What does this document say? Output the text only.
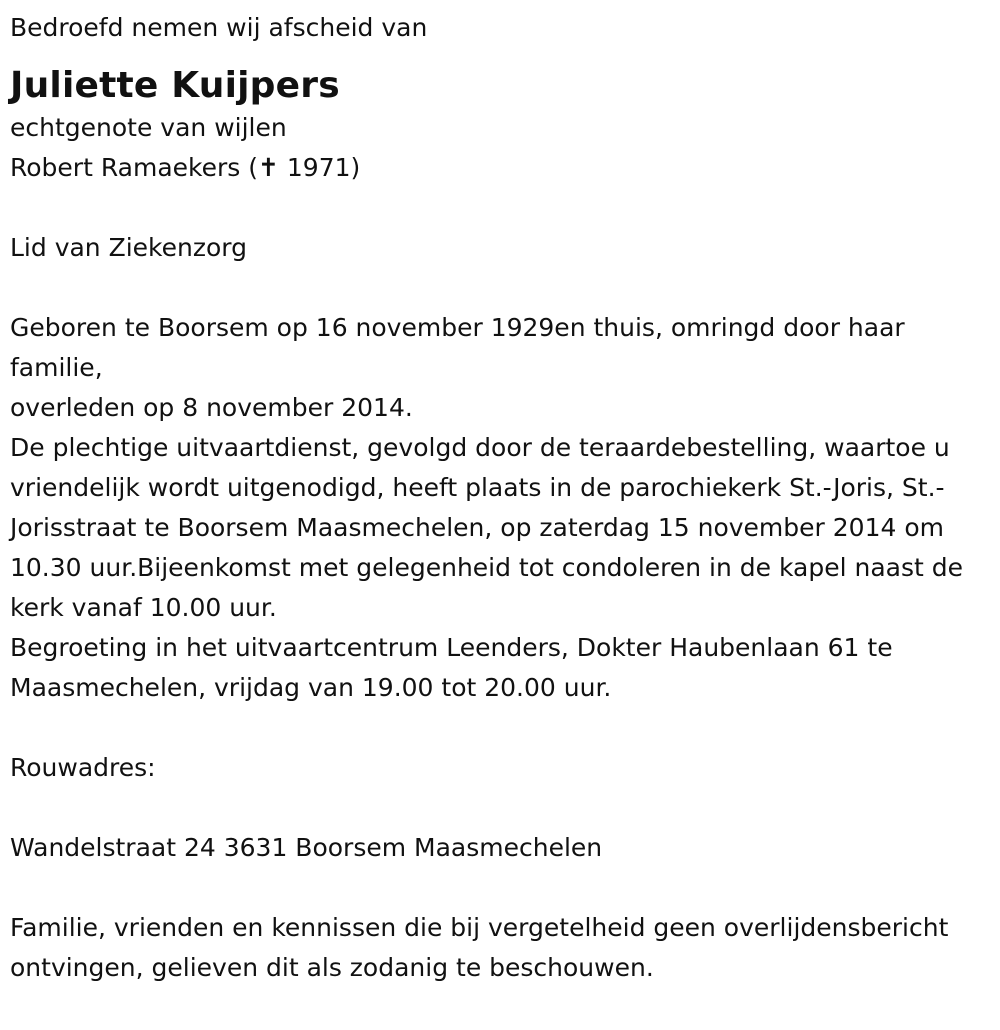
Bedroefd nemen wij afscheid van
Juliette Kuijpers
echtgenote van wijlen
Robert Ramaekers (✝ 1971)
Lid van Ziekenzorg
Geboren te Boorsem op 16 november 1929en thuis, omringd door haar familie,
overleden op 8 november 2014.
De plechtige uitvaartdienst, gevolgd door de teraardebestelling, waartoe u vriendelijk wordt uitgenodigd, heeft plaats in de parochiekerk St.-Joris, St.-Jorisstraat te Boorsem Maasmechelen, op zaterdag 15 november 2014 om 10.30 uur.Bijeenkomst met gelegenheid tot condoleren in de kapel naast de kerk vanaf 10.00 uur.
Begroeting in het uitvaartcentrum Leenders, Dokter Haubenlaan 61 te Maasmechelen, vrijdag van 19.00 tot 20.00 uur.
Rouwadres:
Wandelstraat 24 3631 Boorsem Maasmechelen
Familie, vrienden en kennissen die bij vergetelheid geen overlijdensbericht ontvingen, gelieven dit als zodanig te beschouwen.
